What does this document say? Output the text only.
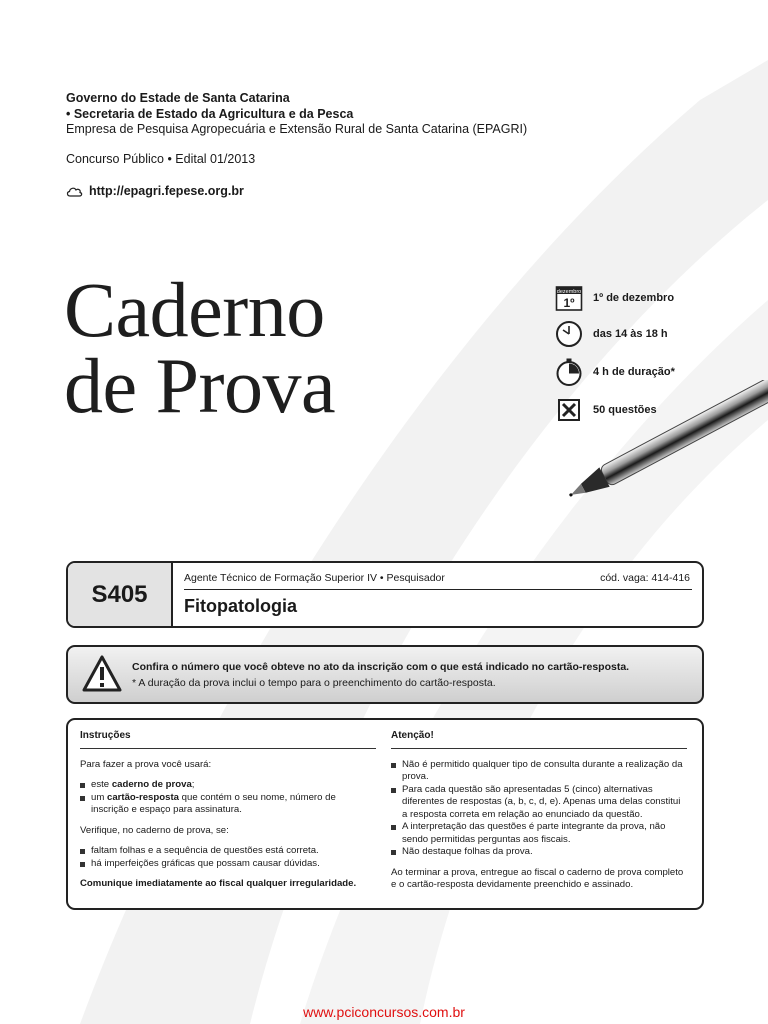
Governo do Estade de Santa Catarina
• Secretaria de Estado da Agricultura e da Pesca
Empresa de Pesquisa Agropecuária e Extensão Rural de Santa Catarina (EPAGRI)
Concurso Público • Edital 01/2013
http://epagri.fepese.org.br
Caderno
de Prova
dezembro
1º 1º de dezembro
das 14 às 18 h
4 h de duração*
50 questões
S405
Agente Técnico de Formação Superior IV • Pesquisador	cód. vaga: 414-416
Fitopatologia
Confira o número que você obteve no ato da inscrição com o que está indicado no cartão-resposta.
* A duração da prova inclui o tempo para o preenchimento do cartão-resposta.
Instruções

Para fazer a prova você usará:

este caderno de prova;
um cartão-resposta que contém o seu nome, número de inscrição e espaço para assinatura.

Verifique, no caderno de prova, se:

faltam folhas e a sequência de questões está correta.
há imperfeições gráficas que possam causar dúvidas.

Comunique imediatamente ao fiscal qualquer irregularidade.

Atenção!
Não é permitido qualquer tipo de consulta durante a realização da prova.
Para cada questão são apresentadas 5 (cinco) alternativas diferentes de respostas (a, b, c, d, e). Apenas uma delas constitui a resposta correta em relação ao enunciado da questão.
A interpretação das questões é parte integrante da prova, não sendo permitidas perguntas aos fiscais.
Não destaque folhas da prova.

Ao terminar a prova, entregue ao fiscal o caderno de prova completo e o cartão-resposta devidamente preenchido e assinado.

www.pciconcursos.com.br
